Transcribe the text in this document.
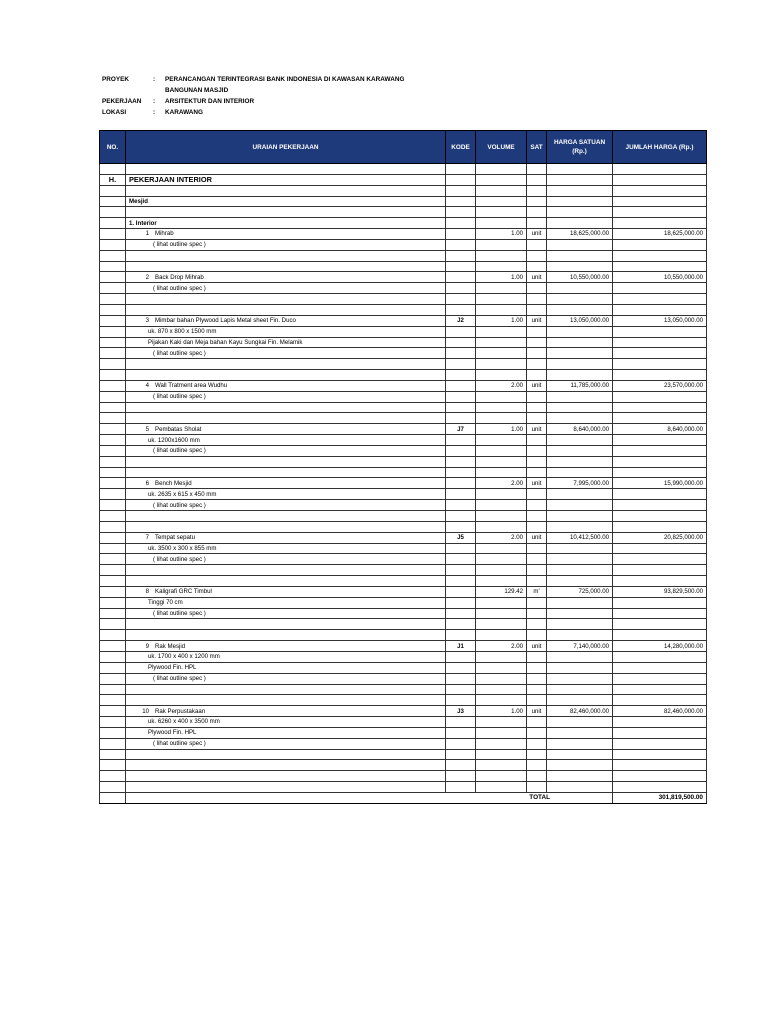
PROYEK	:	PERANCANGAN TERINTEGRASI BANK INDONESIA DI KAWASAN KARAWANG
BANGUNAN MASJID
PEKERJAAN	:	ARSITEKTUR DAN INTERIOR
LOKASI	:	KARAWANG
NO.	URAIAN PEKERJAAN	KODE	VOLUME	SAT	HARGA SATUAN (Rp.)	JUMLAH HARGA (Rp.)

H.	PEKERJAAN INTERIOR					

	Mesjid					

	1. Interior					
	1 Mihrab		1.00	unit	18,625,000.00	18,625,000.00
	( lihat outline spec )					

	2 Back Drop Mihrab		1.00	unit	10,550,000.00	10,550,000.00
	( lihat outline spec )					

	3 Mimbar bahan Plywood Lapis Metal sheet Fin. Duco	J2	1.00	unit	13,050,000.00	13,050,000.00
	uk. 870 x 800 x 1500 mm					
	Pijakan Kaki dan Meja bahan Kayu Sungkai Fin. Melamik					
	( lihat outline spec )					

	4 Wall Tratment area Wudhu		2.00	unit	11,785,000.00	23,570,000.00
	( lihat outline spec )					

	5 Pembatas Sholat	J7	1.00	unit	8,640,000.00	8,640,000.00
	uk. 1200x1600 mm					
	( lihat outline spec )					

	6 Bench Mesjid		2.00	unit	7,995,000.00	15,990,000.00
	uk. 2635 x 615 x 450 mm					
	( lihat outline spec )					

	7 Tempat sepatu	J5	2.00	unit	10,412,500.00	20,825,000.00
	uk. 3500 x 300 x 855 mm					
	( lihat outline spec )					

	8 Kaligrafi GRC Timbul		129.42	m'	725,000.00	93,829,500.00
	Tinggi 70 cm					
	( lihat outline spec )					

	9 Rak Mesjid	J1	2.00	unit	7,140,000.00	14,280,000.00
	uk. 1700 x 400 x 1200 mm					
	Plywood Fin. HPL					
	( lihat outline spec )					

	10 Rak Perpustakaan	J3	1.00	unit	82,460,000.00	82,460,000.00
	uk. 6260 x 400 x 3500 mm					
	Plywood Fin. HPL					
	( lihat outline spec )					

	TOTAL					301,819,500.00
